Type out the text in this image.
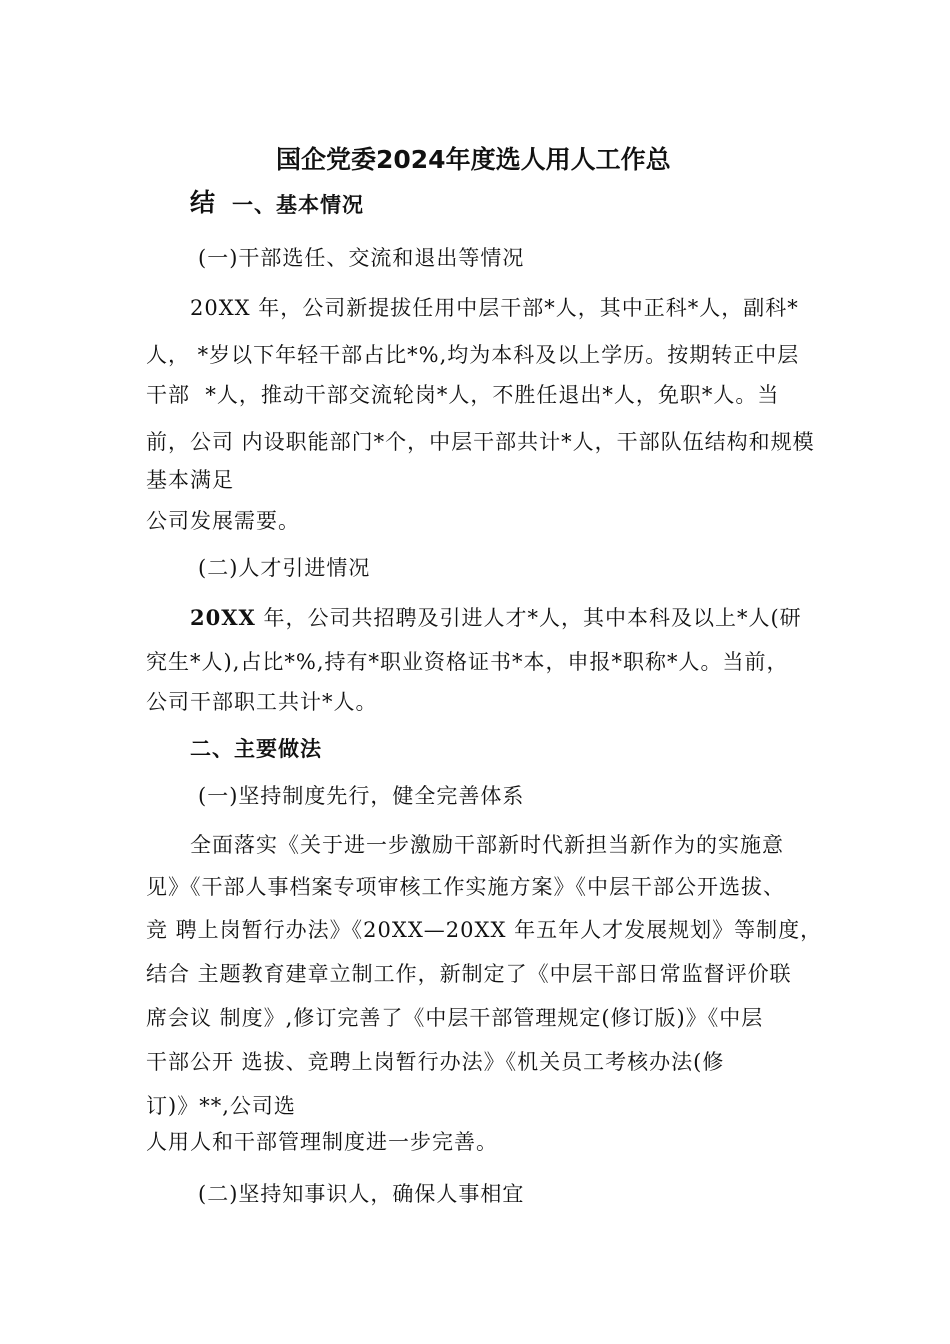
国企党委2024年度选人用人工作总
结 一、基本情况
(一)干部选任、交流和退出等情况
20XX 年，公司新提拔任用中层干部*人，其中正科*人，副科*
人， *岁以下年轻干部占比*%,均为本科及以上学历。按期转正中层
干部  *人，推动干部交流轮岗*人，不胜任退出*人，免职*人。当
前，公司 内设职能部门*个，中层干部共计*人，干部队伍结构和规模
基本满足
公司发展需要。
(二)人才引进情况
20XX 年，公司共招聘及引进人才*人，其中本科及以上*人(研
究生*人),占比*%,持有*职业资格证书*本，申报*职称*人。当前，
公司干部职工共计*人。
二、主要做法
(一)坚持制度先行，健全完善体系
全面落实《关于进一步激励干部新时代新担当新作为的实施意
见》《干部人事档案专项审核工作实施方案》《中层干部公开选拔、
竞 聘上岗暂行办法》《20XX—20XX 年五年人才发展规划》等制度，
结合 主题教育建章立制工作，新制定了《中层干部日常监督评价联
席会议 制度》,修订完善了《中层干部管理规定(修订版)》《中层
干部公开 选拔、竞聘上岗暂行办法》《机关员工考核办法(修
订)》**,公司选
人用人和干部管理制度进一步完善。
(二)坚持知事识人，确保人事相宜
